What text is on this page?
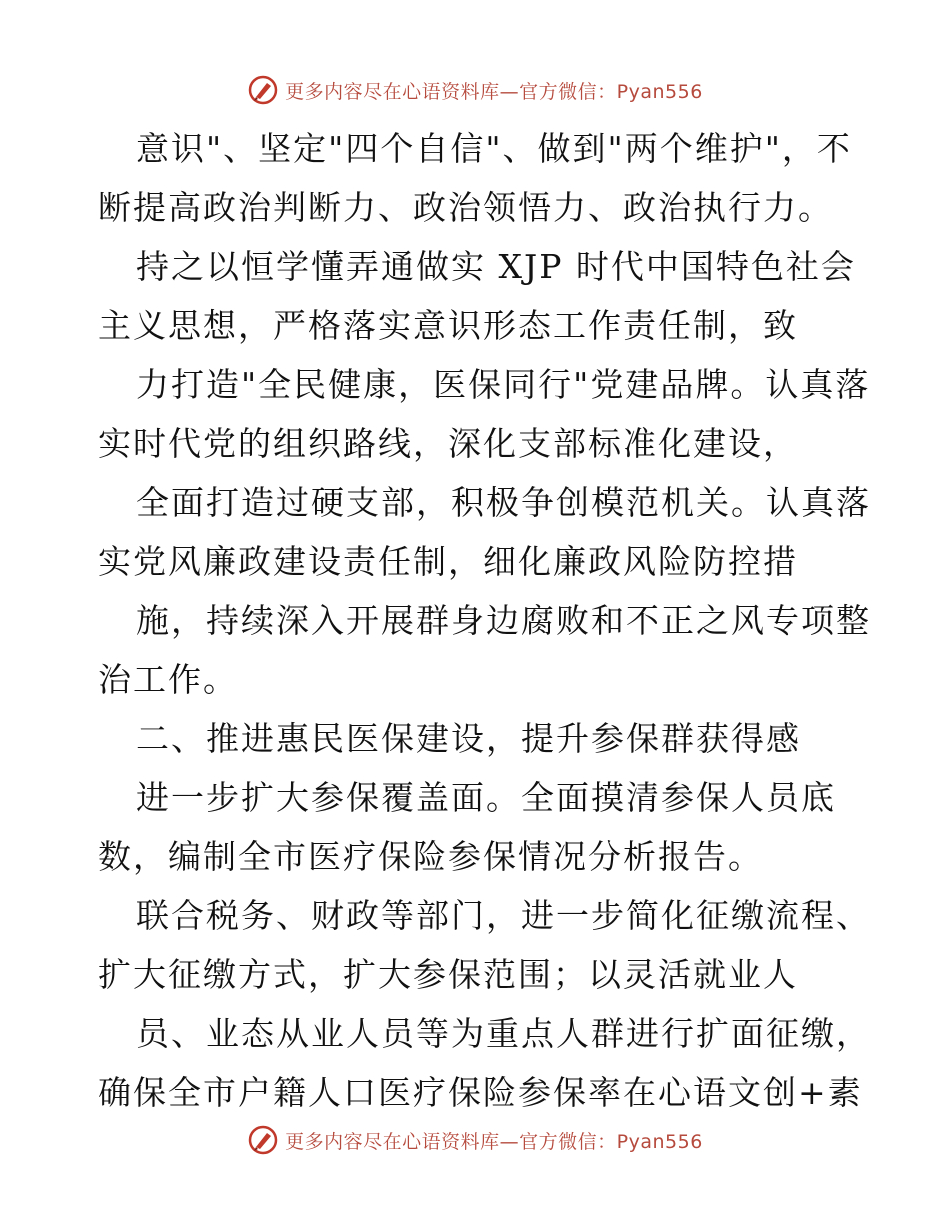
更多内容尽在心语资料库—官方微信：Pyan556
意识"、坚定"四个自信"、做到"两个维护"，不
断提高政治判断力、政治领悟力、政治执行力。
持之以恒学懂弄通做实 XJP 时代中国特色社会
主义思想，严格落实意识形态工作责任制，致
力打造"全民健康，医保同行"党建品牌。认真落
实时代党的组织路线，深化支部标准化建设，
全面打造过硬支部，积极争创模范机关。认真落
实党风廉政建设责任制，细化廉政风险防控措
施，持续深入开展群身边腐败和不正之风专项整
治工作。
二、推进惠民医保建设，提升参保群获得感
进一步扩大参保覆盖面。全面摸清参保人员底
数，编制全市医疗保险参保情况分析报告。
联合税务、财政等部门，进一步简化征缴流程、
扩大征缴方式，扩大参保范围；以灵活就业人
员、业态从业人员等为重点人群进行扩面征缴，
确保全市户籍人口医疗保险参保率在心语文创+素
更多内容尽在心语资料库—官方微信：Pyan556
